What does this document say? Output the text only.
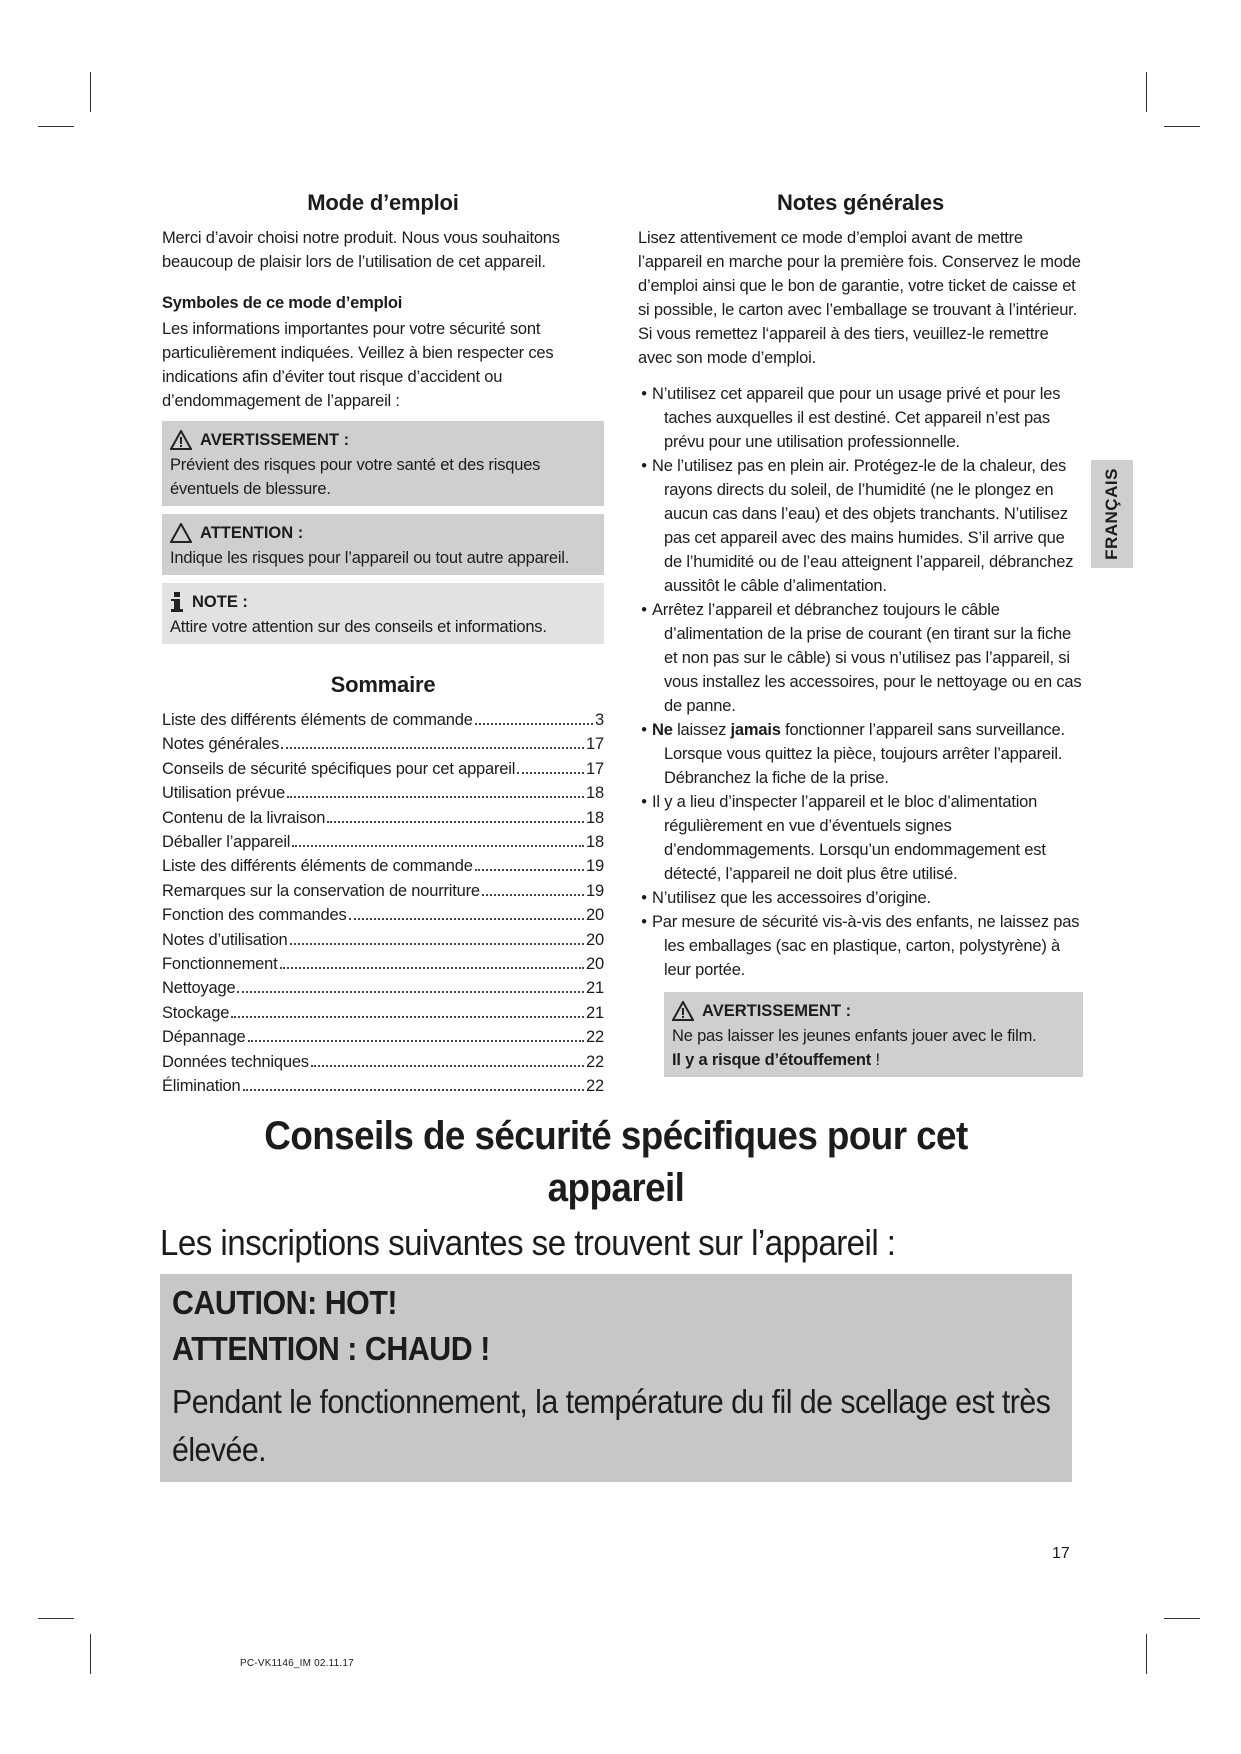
Mode d’emploi

Merci d’avoir choisi notre produit. Nous vous souhaitons beaucoup de plaisir lors de l’utilisation de cet appareil.

Symboles de ce mode d’emploi

Les informations importantes pour votre sécurité sont particulièrement indiquées. Veillez à bien respecter ces indications afin d’éviter tout risque d’accident ou d’endommagement de l’appareil :

AVERTISSEMENT :
Prévient des risques pour votre santé et des risques éventuels de blessure.
ATTENTION :
Indique les risques pour l’appareil ou tout autre appareil.
NOTE :
Attire votre attention sur des conseils et informations.
Sommaire
Liste des différents éléments de commande	3
Notes générales	17
Conseils de sécurité spécifiques pour cet appareil	17
Utilisation prévue	18
Contenu de la livraison	18
Déballer l’appareil	18
Liste des différents éléments de commande	19
Remarques sur la conservation de nourriture	19
Fonction des commandes	20
Notes d’utilisation	20
Fonctionnement	20
Nettoyage	21
Stockage	21
Dépannage	22
Données techniques	22
Élimination	22
Notes générales

Lisez attentivement ce mode d’emploi avant de mettre l’appareil en marche pour la première fois. Conservez le mode d’emploi ainsi que le bon de garantie, votre ticket de caisse et si possible, le carton avec l’emballage se trouvant à l’intérieur. Si vous remettez l‘appareil à des tiers, veuillez-le remettre avec son mode d’emploi.

• N’utilisez cet appareil que pour un usage privé et pour les taches auxquelles il est destiné. Cet appareil n’est pas prévu pour une utilisation professionnelle.
• Ne l’utilisez pas en plein air. Protégez-le de la chaleur, des rayons directs du soleil, de l’humidité (ne le plongez en aucun cas dans l’eau) et des objets tranchants. N’utilisez pas cet appareil avec des mains humides. S’il arrive que de l’humidité ou de l’eau atteignent l’appareil, débranchez aussitôt le câble d’alimentation.
• Arrêtez l’appareil et débranchez toujours le câble d’alimentation de la prise de courant (en tirant sur la fiche et non pas sur le câble) si vous n’utilisez pas l’appareil, si vous installez les accessoires, pour le nettoyage ou en cas de panne.
• Ne laissez jamais fonctionner l’appareil sans surveillance. Lorsque vous quittez la pièce, toujours arrêter l’appareil. Débranchez la fiche de la prise.
• Il y a lieu d’inspecter l’appareil et le bloc d’alimentation régulièrement en vue d’éventuels signes d’endommagements. Lorsqu’un endommagement est détecté, l’appareil ne doit plus être utilisé.
• N’utilisez que les accessoires d’origine.
• Par mesure de sécurité vis-à-vis des enfants, ne laissez pas les emballages (sac en plastique, carton, polystyrène) à leur portée.
AVERTISSEMENT :
Ne pas laisser les jeunes enfants jouer avec le film.
Il y a risque d’étouffement !
FRANÇAIS
Conseils de sécurité spécifiques pour cet appareil
Les inscriptions suivantes se trouvent sur l’appareil :
CAUTION: HOT!
ATTENTION : CHAUD !
Pendant le fonctionnement, la température du fil de scellage est très élevée.
17
PC-VK1146_IM 02.11.17
